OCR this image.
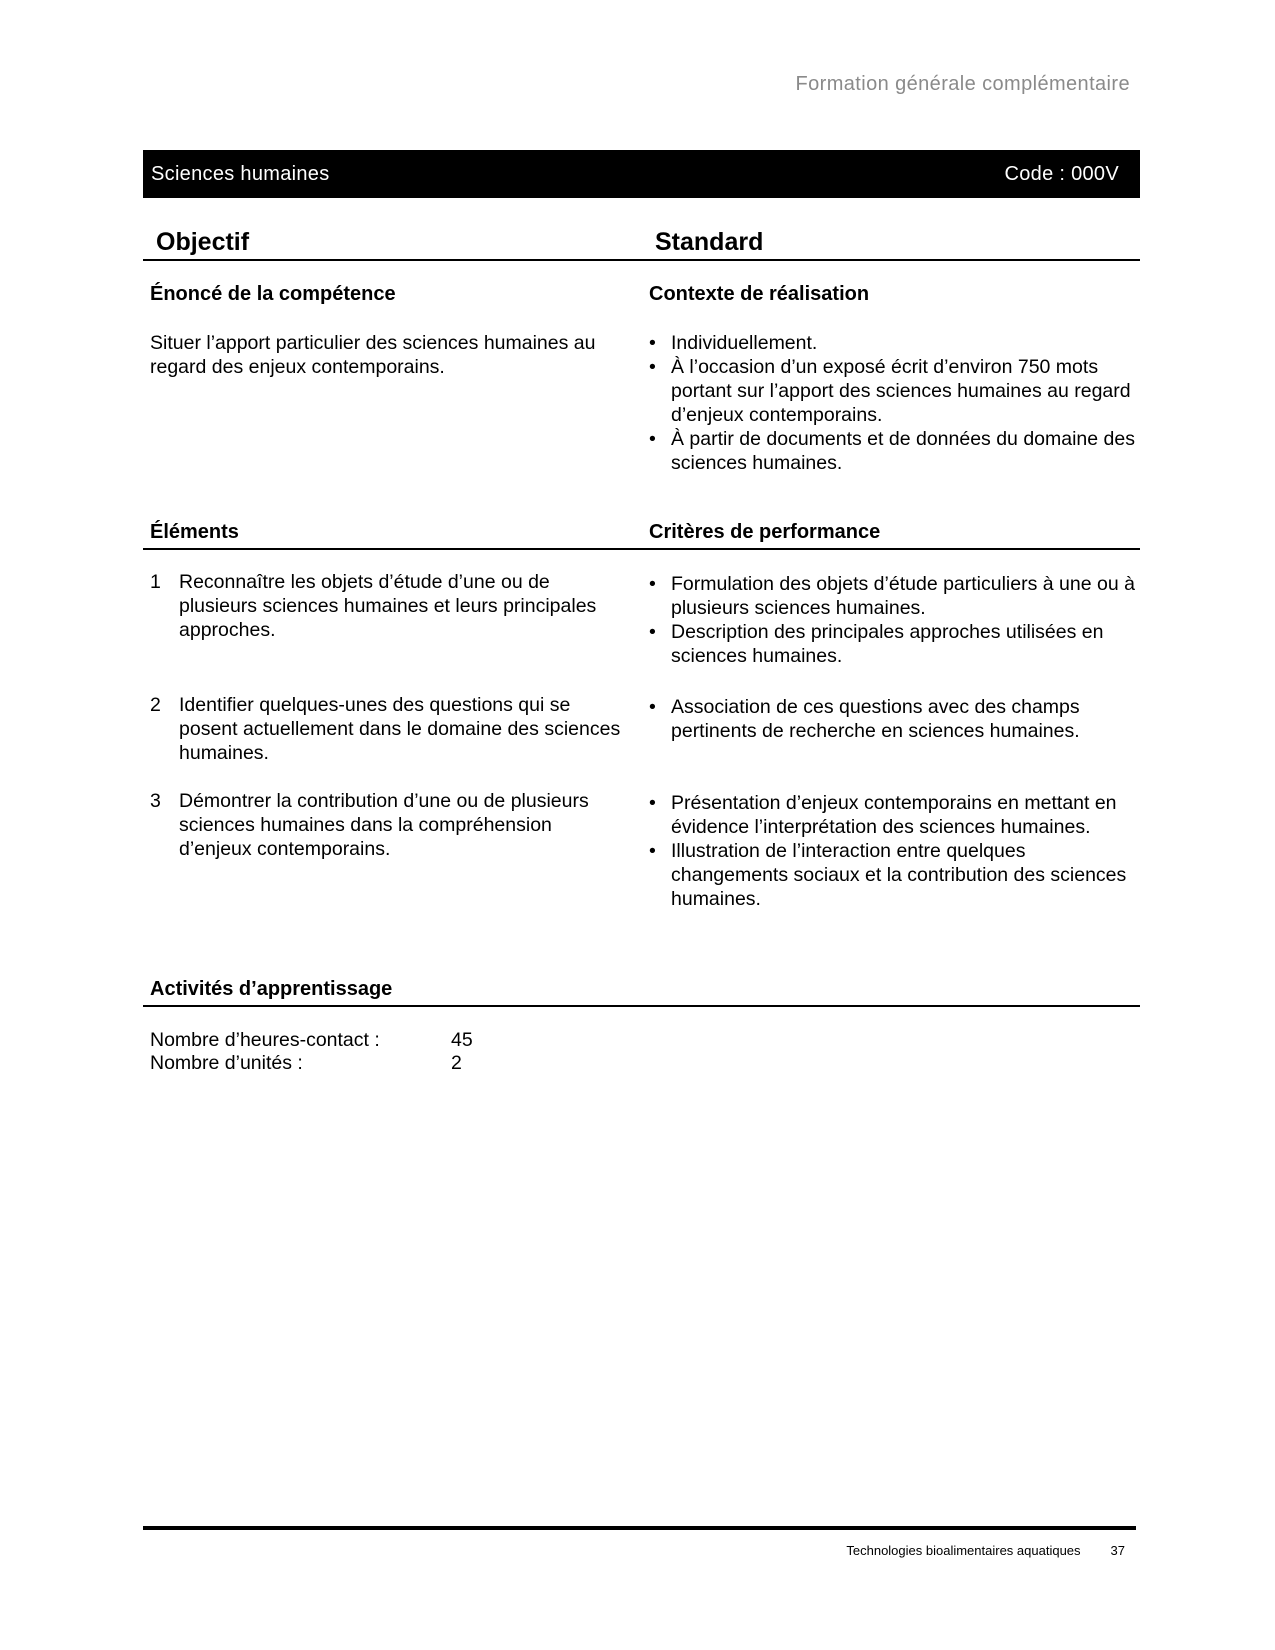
Formation générale complémentaire
Sciences humaines	Code : 000V
Objectif	Standard
Énoncé de la compétence	Contexte de réalisation
Situer l’apport particulier des sciences humaines au regard des enjeux contemporains.
• Individuellement.
• À l’occasion d’un exposé écrit d’environ 750 mots portant sur l’apport des sciences humaines au regard d’enjeux contemporains.
• À partir de documents et de données du domaine des sciences humaines.
Éléments	Critères de performance
1 Reconnaître les objets d’étude d’une ou de plusieurs sciences humaines et leurs principales approches.
• Formulation des objets d’étude particuliers à une ou à plusieurs sciences humaines.
• Description des principales approches utilisées en sciences humaines.
2 Identifier quelques-unes des questions qui se posent actuellement dans le domaine des sciences humaines.
• Association de ces questions avec des champs pertinents de recherche en sciences humaines.
3 Démontrer la contribution d’une ou de plusieurs sciences humaines dans la compréhension d’enjeux contemporains.
• Présentation d’enjeux contemporains en mettant en évidence l’interprétation des sciences humaines.
• Illustration de l’interaction entre quelques changements sociaux et la contribution des sciences humaines.
Activités d’apprentissage
Nombre d’heures-contact :	45
Nombre d’unités :	2
Technologies bioalimentaires aquatiques 37
